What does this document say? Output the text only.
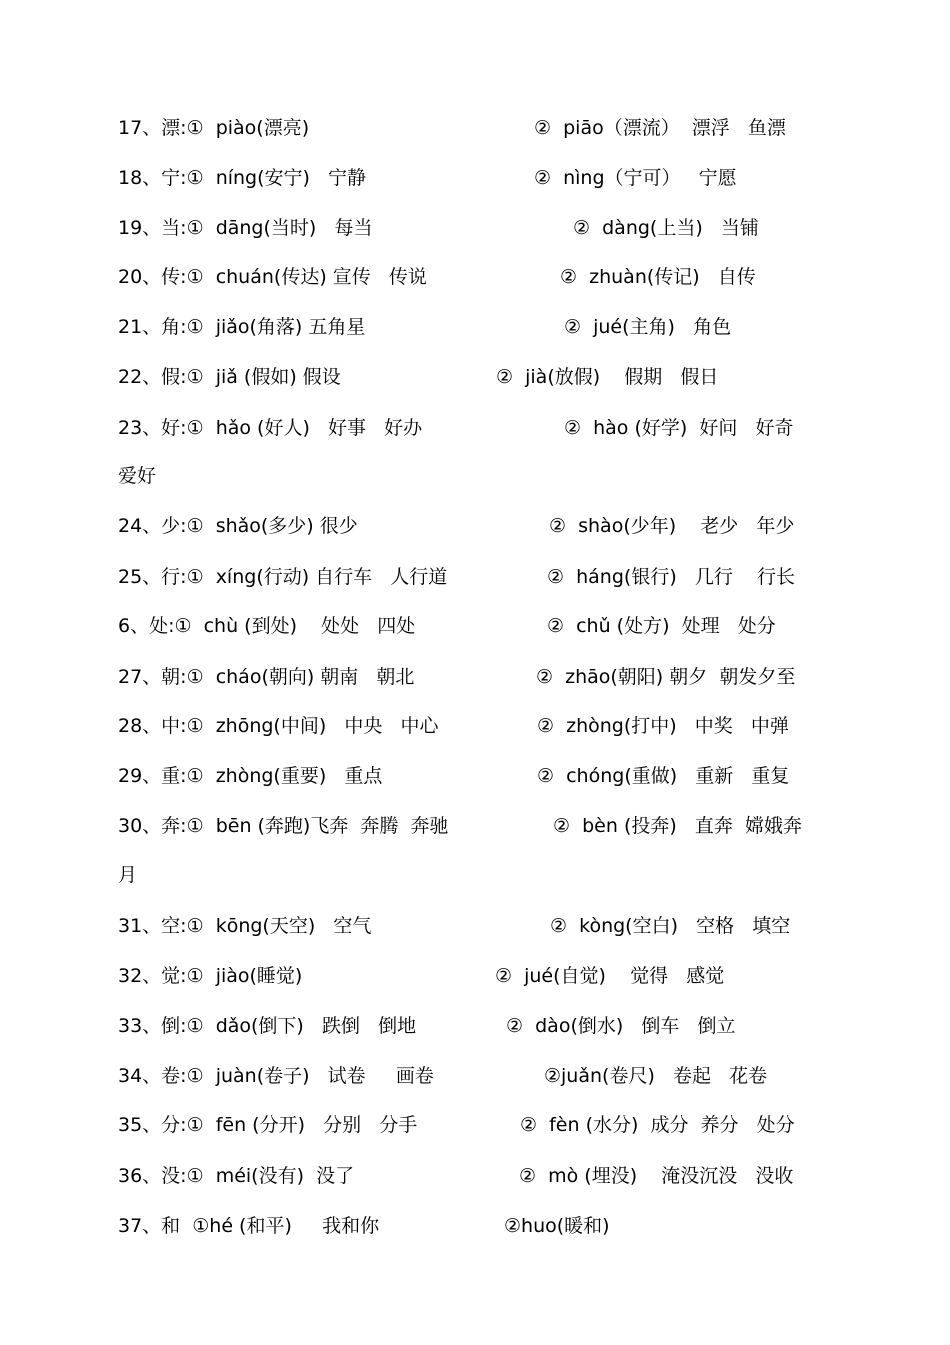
17、漂:①  piào(漂亮)

	②  piāo（漂流）  漂浮   鱼漂

18、宁:①  níng(安宁)   宁静

	②  nìng（宁可）   宁愿

19、当:①  dāng(当时)   每当

	②  dàng(上当)   当铺

20、传:①  chuán(传达) 宣传   传说

	②  zhuàn(传记)   自传

21、角:①  jiǎo(角落) 五角星

	②  jué(主角)   角色

22、假:①  jiǎ (假如) 假设

	②  jià(放假)    假期   假日

23、好:①  hǎo (好人)   好事   好办

	②  hào (好学)  好问   好奇

爱好

24、少:①  shǎo(多少) 很少

	②  shào(少年)    老少   年少

25、行:①  xíng(行动) 自行车   人行道

	②  háng(银行)   几行    行长

6、处:①  chù (到处)    处处   四处

	②  chǔ (处方)  处理   处分

27、朝:①  cháo(朝向) 朝南   朝北

	②  zhāo(朝阳) 朝夕  朝发夕至

28、中:①  zhōng(中间)   中央   中心

	②  zhòng(打中)   中奖   中弹

29、重:①  zhòng(重要)   重点

	②  chóng(重做)   重新   重复

30、奔:①  bēn (奔跑)飞奔  奔腾  奔驰

	②  bèn (投奔)   直奔  嫦娥奔

月

31、空:①  kōng(天空)   空气

	②  kòng(空白)   空格   填空

32、觉:①  jiào(睡觉)

	②  jué(自觉)    觉得   感觉

33、倒:①  dǎo(倒下)   跌倒   倒地

	②  dào(倒水)   倒车   倒立

34、卷:①  juàn(卷子)   试卷     画卷

	②juǎn(卷尺)   卷起   花卷

35、分:①  fēn (分开)   分别   分手

	②  fèn (水分)  成分  养分   处分

36、没:①  méi(没有)  没了

	②  mò (埋没)    淹没沉没   没收

37、和  ①hé (和平)     我和你

	②huo(暖和)
